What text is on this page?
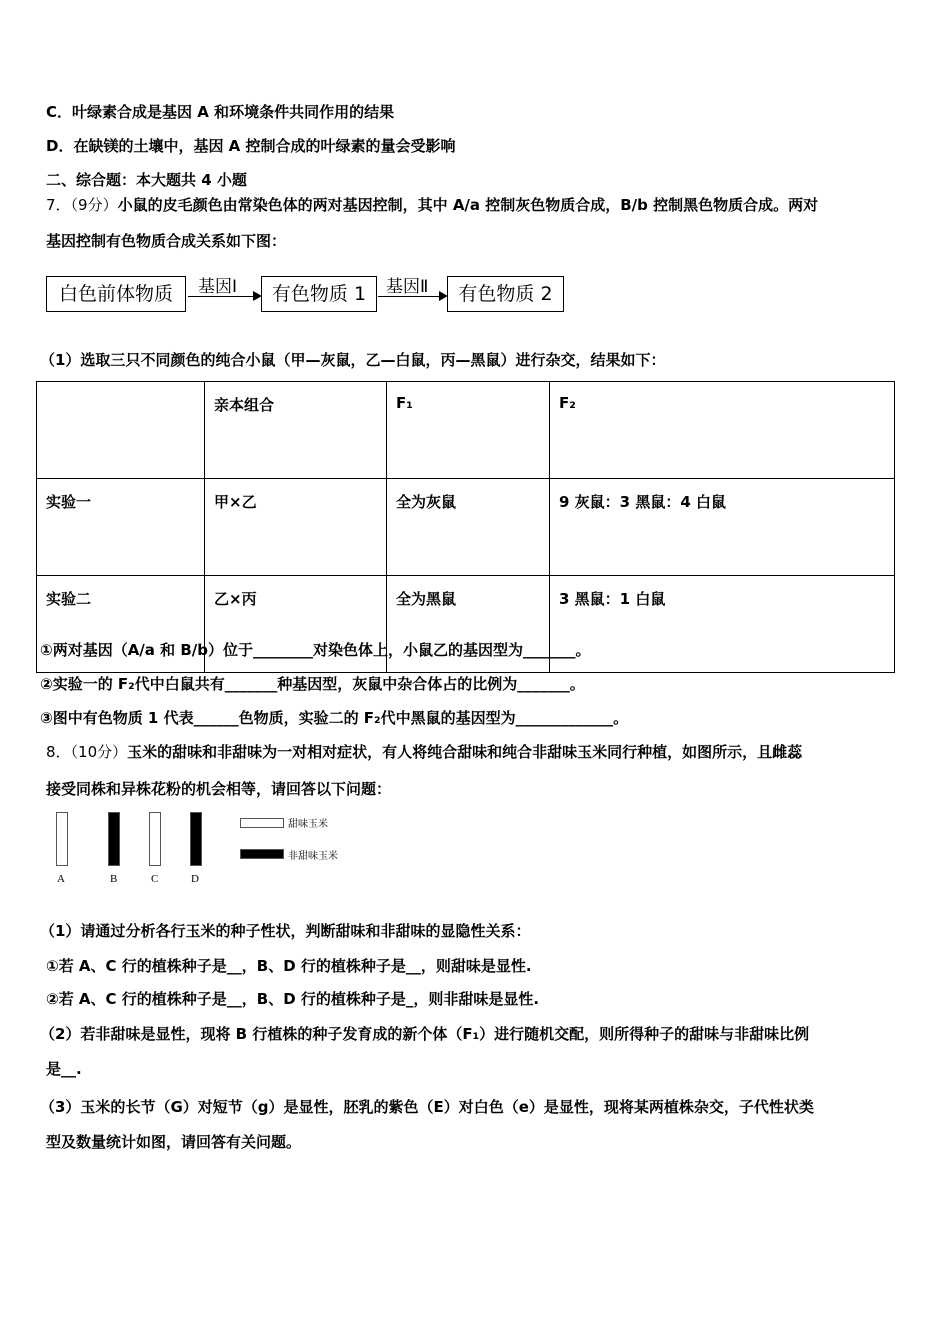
C．叶绿素合成是基因 A 和环境条件共同作用的结果
D．在缺镁的土壤中，基因 A 控制合成的叶绿素的量会受影响
二、综合题：本大题共 4 小题
7．（9分）小鼠的皮毛颜色由常染色体的两对基因控制，其中 A/a 控制灰色物质合成，B/b 控制黑色物质合成。两对
基因控制有色物质合成关系如下图：
白色前体物质	基因Ⅰ	有色物质 1	基因Ⅱ	有色物质 2
（1）选取三只不同颜色的纯合小鼠（甲—灰鼠，乙—白鼠，丙—黑鼠）进行杂交，结果如下：
	亲本组合	F₁	F₂
实验一	甲×乙	全为灰鼠	9 灰鼠：3 黑鼠：4 白鼠
实验二	乙×丙	全为黑鼠	3 黑鼠：1 白鼠
①两对基因（A/a 和 B/b）位于________对染色体上，小鼠乙的基因型为_______。
②实验一的 F₂代中白鼠共有_______种基因型，灰鼠中杂合体占的比例为_______。
③图中有色物质 1 代表______色物质，实验二的 F₂代中黑鼠的基因型为_____________。
8．（10分）玉米的甜味和非甜味为一对相对症状，有人将纯合甜味和纯合非甜味玉米同行种植，如图所示，且雌蕊
接受同株和异株花粉的机会相等，请回答以下问题：
A	B	C	D
甜味玉米
非甜味玉米
（1）请通过分析各行玉米的种子性状，判断甜味和非甜味的显隐性关系：
①若 A、C 行的植株种子是__，B、D 行的植株种子是__，则甜味是显性.
②若 A、C 行的植株种子是__，B、D 行的植株种子是_，则非甜味是显性.
（2）若非甜味是显性，现将 B 行植株的种子发育成的新个体（F₁）进行随机交配，则所得种子的甜味与非甜味比例
是__.
（3）玉米的长节（G）对短节（g）是显性，胚乳的紫色（E）对白色（e）是显性，现将某两植株杂交，子代性状类
型及数量统计如图，请回答有关问题。
